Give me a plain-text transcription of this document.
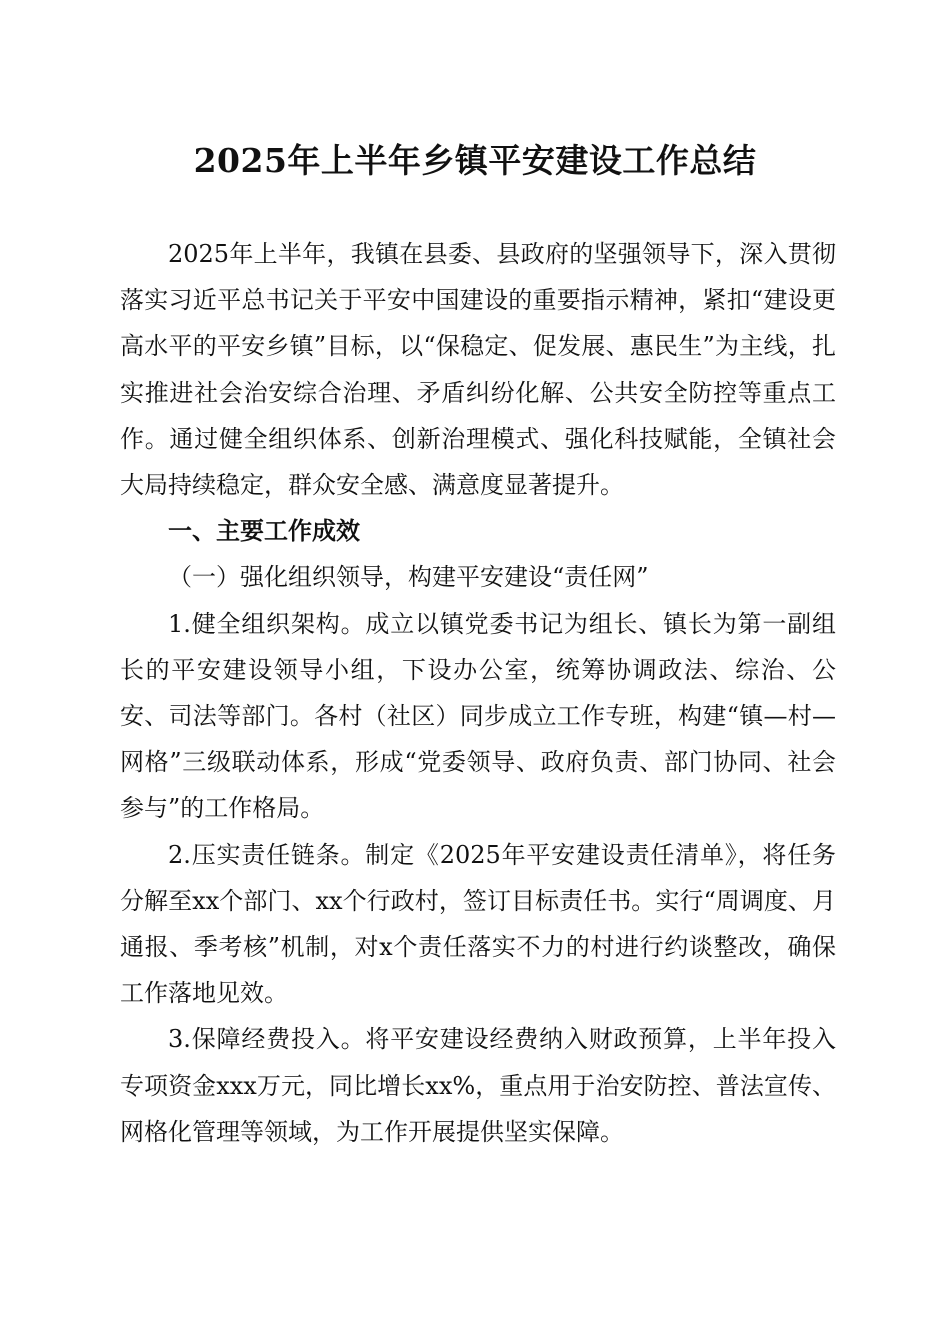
2025年上半年乡镇平安建设工作总结

2025年上半年，我镇在县委、县政府的坚强领导下，深入贯彻落实习近平总书记关于平安中国建设的重要指示精神，紧扣“建设更高水平的平安乡镇”目标，以“保稳定、促发展、惠民生”为主线，扎实推进社会治安综合治理、矛盾纠纷化解、公共安全防控等重点工作。通过健全组织体系、创新治理模式、强化科技赋能，全镇社会大局持续稳定，群众安全感、满意度显著提升。

一、主要工作成效

（一）强化组织领导，构建平安建设“责任网”

1.健全组织架构。成立以镇党委书记为组长、镇长为第一副组长的平安建设领导小组，下设办公室，统筹协调政法、综治、公安、司法等部门。各村（社区）同步成立工作专班，构建“镇—村—网格”三级联动体系，形成“党委领导、政府负责、部门协同、社会参与”的工作格局。

2.压实责任链条。制定《2025年平安建设责任清单》，将任务分解至xx个部门、xx个行政村，签订目标责任书。实行“周调度、月通报、季考核”机制，对x个责任落实不力的村进行约谈整改，确保工作落地见效。

3.保障经费投入。将平安建设经费纳入财政预算，上半年投入专项资金xxx万元，同比增长xx%，重点用于治安防控、普法宣传、网格化管理等领域，为工作开展提供坚实保障。
